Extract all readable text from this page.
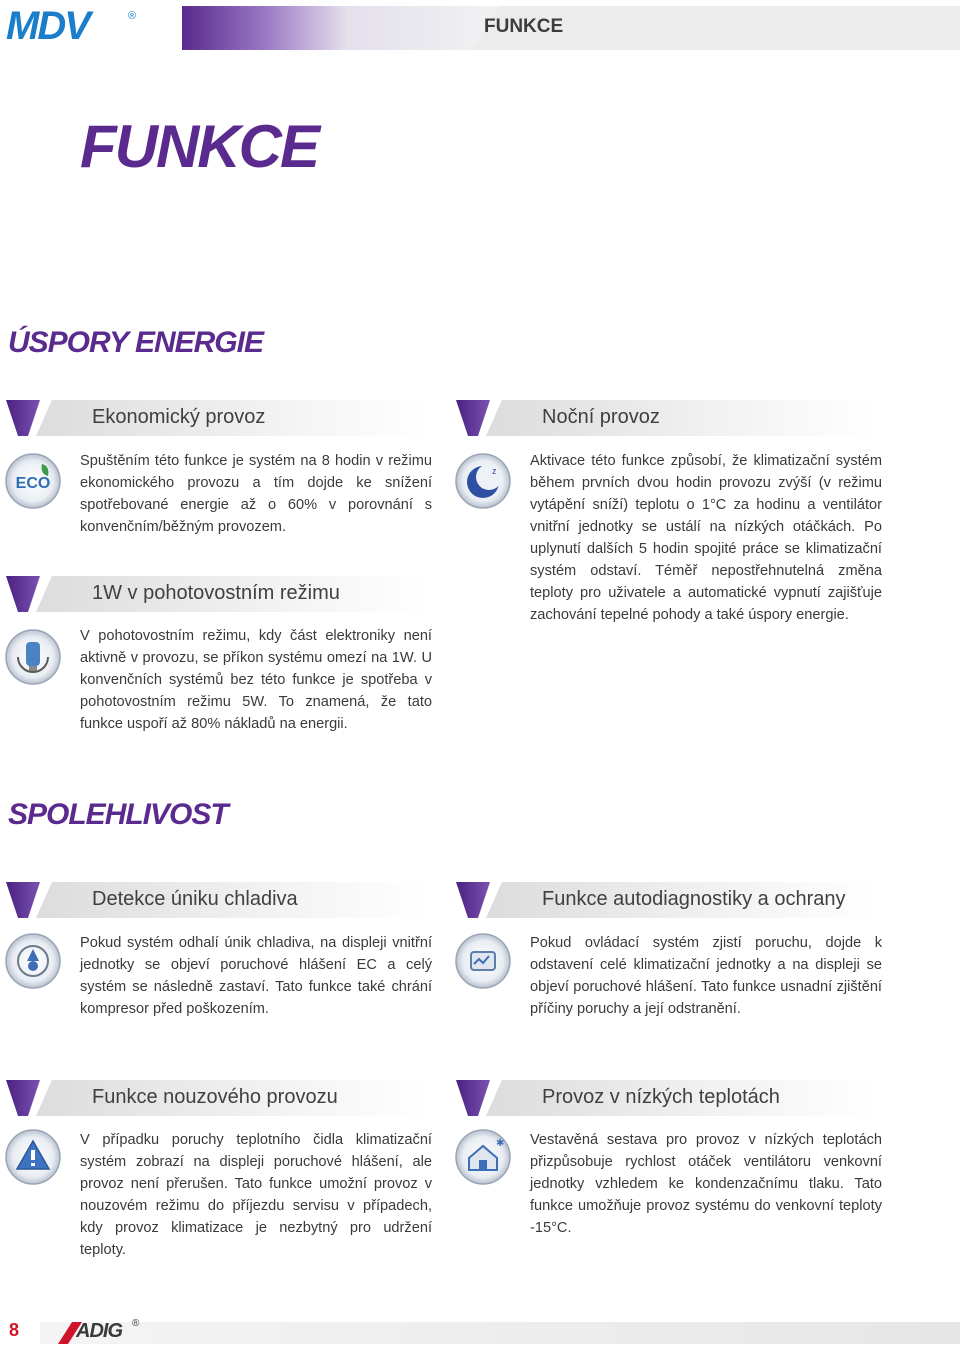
MDV	®	FUNKCE
FUNKCE
ÚSPORY ENERGIE
Ekonomický provoz
ECO
Spuštěním této funkce je systém na 8 hodin v režimu ekonomického provozu a tím dojde ke snížení spotřebované energie až o 60% v porovnání s konvenčním/běžným provozem.
1W v pohotovostním režimu
V pohotovostním režimu, kdy část elektroniky není aktivně v provozu, se příkon systému omezí na 1W. U konvenčních systémů bez této funkce je spotřeba v pohotovostním režimu 5W. To znamená, že tato funkce uspoří až 80% nákladů na energii.
Noční provoz
z
Aktivace této funkce způsobí, že klimatizační systém během prvních dvou hodin provozu zvýší (v režimu vytápění sníží) teplotu o 1°C za hodinu a ventilátor vnitřní jednotky se ustálí na nízkých otáčkách. Po uplynutí dalších 5 hodin spojité práce se klimatizační systém odstaví. Téměř nepostřehnutelná změna teploty pro uživatele a automatické vypnutí zajišťuje zachování tepelné pohody a také úspory energie.
SPOLEHLIVOST
Detekce úniku chladiva
Pokud systém odhalí únik chladiva, na displeji vnitřní jednotky se objeví poruchové hlášení EC a celý systém se následně zastaví. Tato funkce také chrání kompresor před poškozením.
Funkce autodiagnostiky a ochrany
Pokud ovládací systém zjistí poruchu, dojde k odstavení celé klimatizační jednotky a na displeji se objeví poruchové hlášení. Tato funkce usnadní zjištění příčiny poruchy a její odstranění.
Funkce nouzového provozu
V případku poruchy teplotního čidla klimatizační systém zobrazí na displeji poruchové hlášení, ale provoz není přerušen. Tato funkce umožní provoz v nouzovém režimu do příjezdu servisu v případech, kdy provoz klimatizace je nezbytný pro udržení teploty.
Provoz v nízkých teplotách
✱ Vestavěná sestava pro provoz v nízkých teplotách přizpůsobuje rychlost otáček ventilátoru venkovní jednotky vzhledem ke kondenzačnímu tlaku. Tato funkce umožňuje provoz systému do venkovní teploty -15°C.
8	ADIG ®
